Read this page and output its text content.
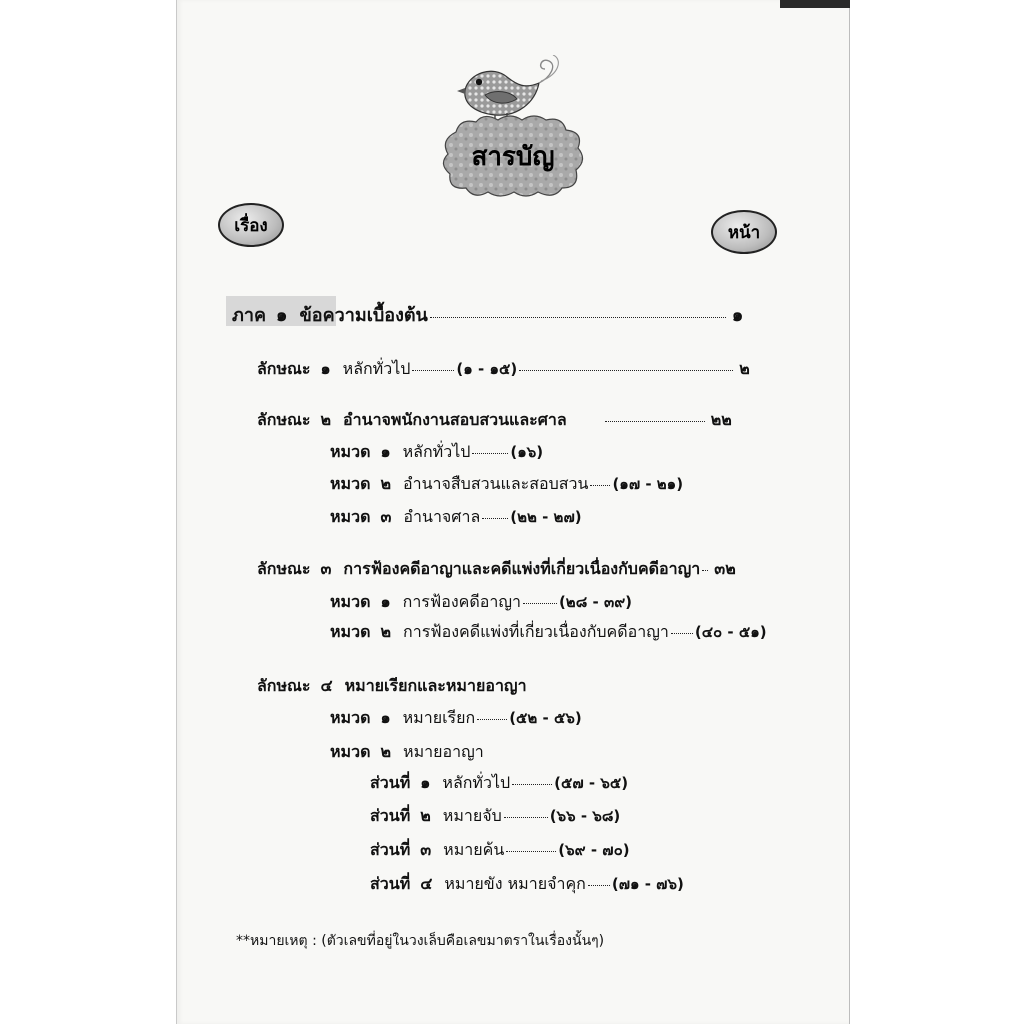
สารบัญ
เรื่อง	หน้า
ภาค ๑ ข้อความเบื้องต้น	๑
ลักษณะ ๑ หลักทั่วไป	(๑ - ๑๕)	๒
ลักษณะ ๒ อำนาจพนักงานสอบสวนและศาล	๒๒
หมวด ๑ หลักทั่วไป	(๑๖)
หมวด ๒ อำนาจสืบสวนและสอบสวน (๑๗ - ๒๑)
หมวด ๓ อำนาจศาล (๒๒ - ๒๗)
ลักษณะ ๓ การฟ้องคดีอาญาและคดีแพ่งที่เกี่ยวเนื่องกับคดีอาญา ๓๒
หมวด ๑ การฟ้องคดีอาญา	(๒๘ - ๓๙)
หมวด ๒ การฟ้องคดีแพ่งที่เกี่ยวเนื่องกับคดีอาญา (๔๐ - ๕๑)
ลักษณะ ๔ หมายเรียกและหมายอาญา
หมวด ๑ หมายเรียก (๕๒ - ๕๖)
หมวด ๒ หมายอาญา
ส่วนที่ ๑ หลักทั่วไป	(๕๗ - ๖๕)
ส่วนที่ ๒ หมายจับ	(๖๖ - ๖๘)
ส่วนที่ ๓ หมายค้น	(๖๙ - ๗๐)
ส่วนที่ ๔ หมายขัง หมายจำคุก (๗๑ - ๗๖)
**หมายเหตุ : (ตัวเลขที่อยู่ในวงเล็บคือเลขมาตราในเรื่องนั้นๆ)
